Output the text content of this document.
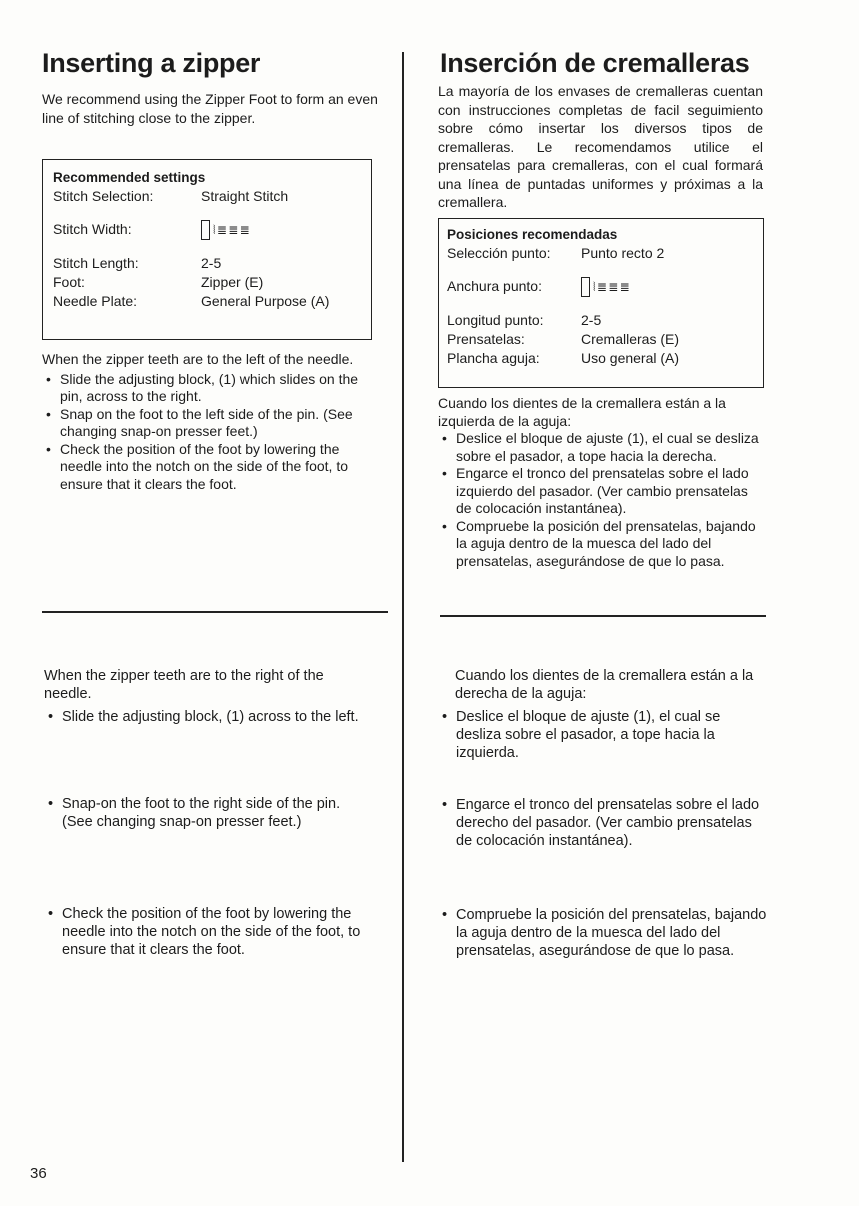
Inserting a zipper
We recommend using the Zipper Foot to form an even line of stitching close to the zipper.
Recommended settings
Stitch Selection:	Straight Stitch
Stitch Width:	⦚ ≣ ≣ ≣
Stitch Length:	2-5
Foot:	Zipper (E)
Needle Plate:	General Purpose (A)
When the zipper teeth are to the left of the needle.
• Slide the adjusting block, (1) which slides on the pin, across to the right.
• Snap on the foot to the left side of the pin. (See changing snap-on presser feet.)
• Check the position of the foot by lowering the needle into the notch on the side of the foot, to ensure that it clears the foot.
When the zipper teeth are to the right of the needle.
• Slide the adjusting block, (1) across to the left.
• Snap-on the foot to the right side of the pin. (See changing snap-on presser feet.)
• Check the position of the foot by lowering the needle into the notch on the side of the foot, to ensure that it clears the foot.
Inserción de cremalleras
La mayoría de los envases de cremalleras cuentan con instrucciones completas de facil seguimiento sobre cómo insertar los diversos tipos de cremalleras. Le recomendamos utilice el prensatelas para cremalleras, con el cual formará una línea de puntadas uniformes y próximas a la cremallera.
Posiciones recomendadas
Selección punto:	Punto recto 2
Anchura punto:	⦚ ≣ ≣ ≣
Longitud punto:	2-5
Prensatelas:	Cremalleras (E)
Plancha aguja:	Uso general (A)
Cuando los dientes de la cremallera están a la izquierda de la aguja:
• Deslice el bloque de ajuste (1), el cual se desliza sobre el pasador, a tope hacia la derecha.
• Engarce el tronco del prensatelas sobre el lado izquierdo del pasador. (Ver cambio prensatelas de colocación instantánea).
• Compruebe la posición del prensatelas, bajando la aguja dentro de la muesca del lado del prensatelas, asegurándose de que lo pasa.
Cuando los dientes de la cremallera están a la derecha de la aguja:
• Deslice el bloque de ajuste (1), el cual se desliza sobre el pasador, a tope hacia la izquierda.
• Engarce el tronco del prensatelas sobre el lado derecho del pasador. (Ver cambio prensatelas de colocación instantánea).
• Compruebe la posición del prensatelas, bajando la aguja dentro de la muesca del lado del prensatelas, asegurándose de que lo pasa.
36
